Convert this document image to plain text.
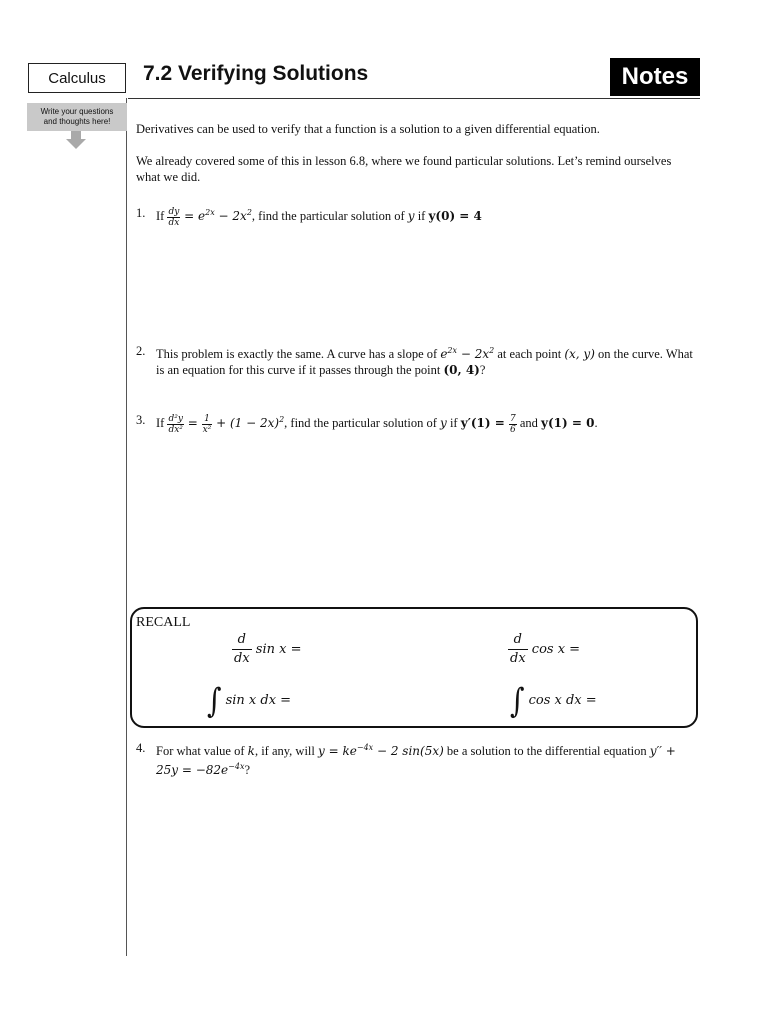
Calculus	7.2 Verifying Solutions	Notes
Write your questions and thoughts here!
Derivatives can be used to verify that a function is a solution to a given differential equation.
We already covered some of this in lesson 6.8, where we found particular solutions. Let’s remind ourselves what we did.
1. If $\frac{dy}{dx} = e^{2x} - 2x^2$, find the particular solution of y if y(0) = 4
2. This problem is exactly the same. A curve has a slope of $e^{2x} - 2x^2$ at each point (x, y) on the curve. What is an equation for this curve if it passes through the point (0, 4)?
3. If $\frac{\text{d²y}}{\text{dx²}} = \frac{1}{\text{x²}} + (1 - 2x)^2$, find the particular solution of y if $y'(1) = \frac{7}{6}$ and y(1) = 0.
RECALL
$\frac{d}{dx}$ sin x =	$\frac{d}{dx}$ cos x =
∫ sin x dx =	∫ cos x dx =
4. For what value of k, if any, will $y = ke^{-4x} - 2$ sin(5x) be a solution to the differential equation $y'' + 25y = -82e^{-4x}$?
